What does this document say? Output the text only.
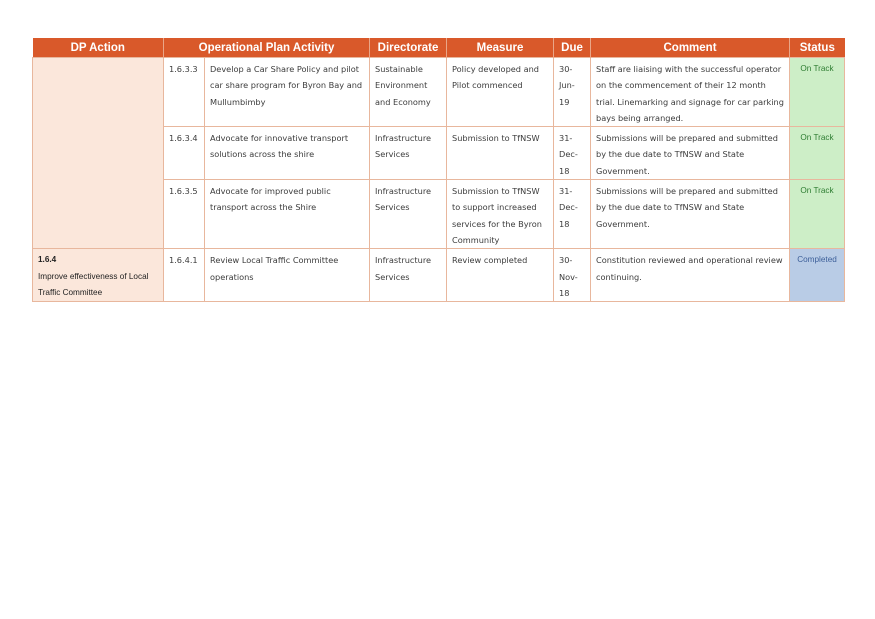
DP Action	Operational Plan Activity		Directorate	Measure	Due	Comment	Status
	1.6.3.3	Develop a Car Share Policy and pilot car share program for Byron Bay and Mullumbimby	Sustainable Environment and Economy	Policy developed and Pilot commenced	30-Jun-19	Staff are liaising with the successful operator on the commencement of their 12 month trial. Linemarking and signage for car parking bays being arranged.	On Track
	1.6.3.4	Advocate for innovative transport solutions across the shire	Infrastructure Services	Submission to TfNSW	31-Dec-18	Submissions will be prepared and submitted by the due date to TfNSW and State Government.	On Track
	1.6.3.5	Advocate for improved public transport across the Shire	Infrastructure Services	Submission to TfNSW to support increased services for the Byron Community	31-Dec-18	Submissions will be prepared and submitted by the due date to TfNSW and State Government.	On Track

1.6.4
Improve effectiveness of Local Traffic Committee	1.6.4.1	Review Local Traffic Committee operations	Infrastructure Services	Review completed	30-Nov-18	Constitution reviewed and operational review continuing.	Completed
